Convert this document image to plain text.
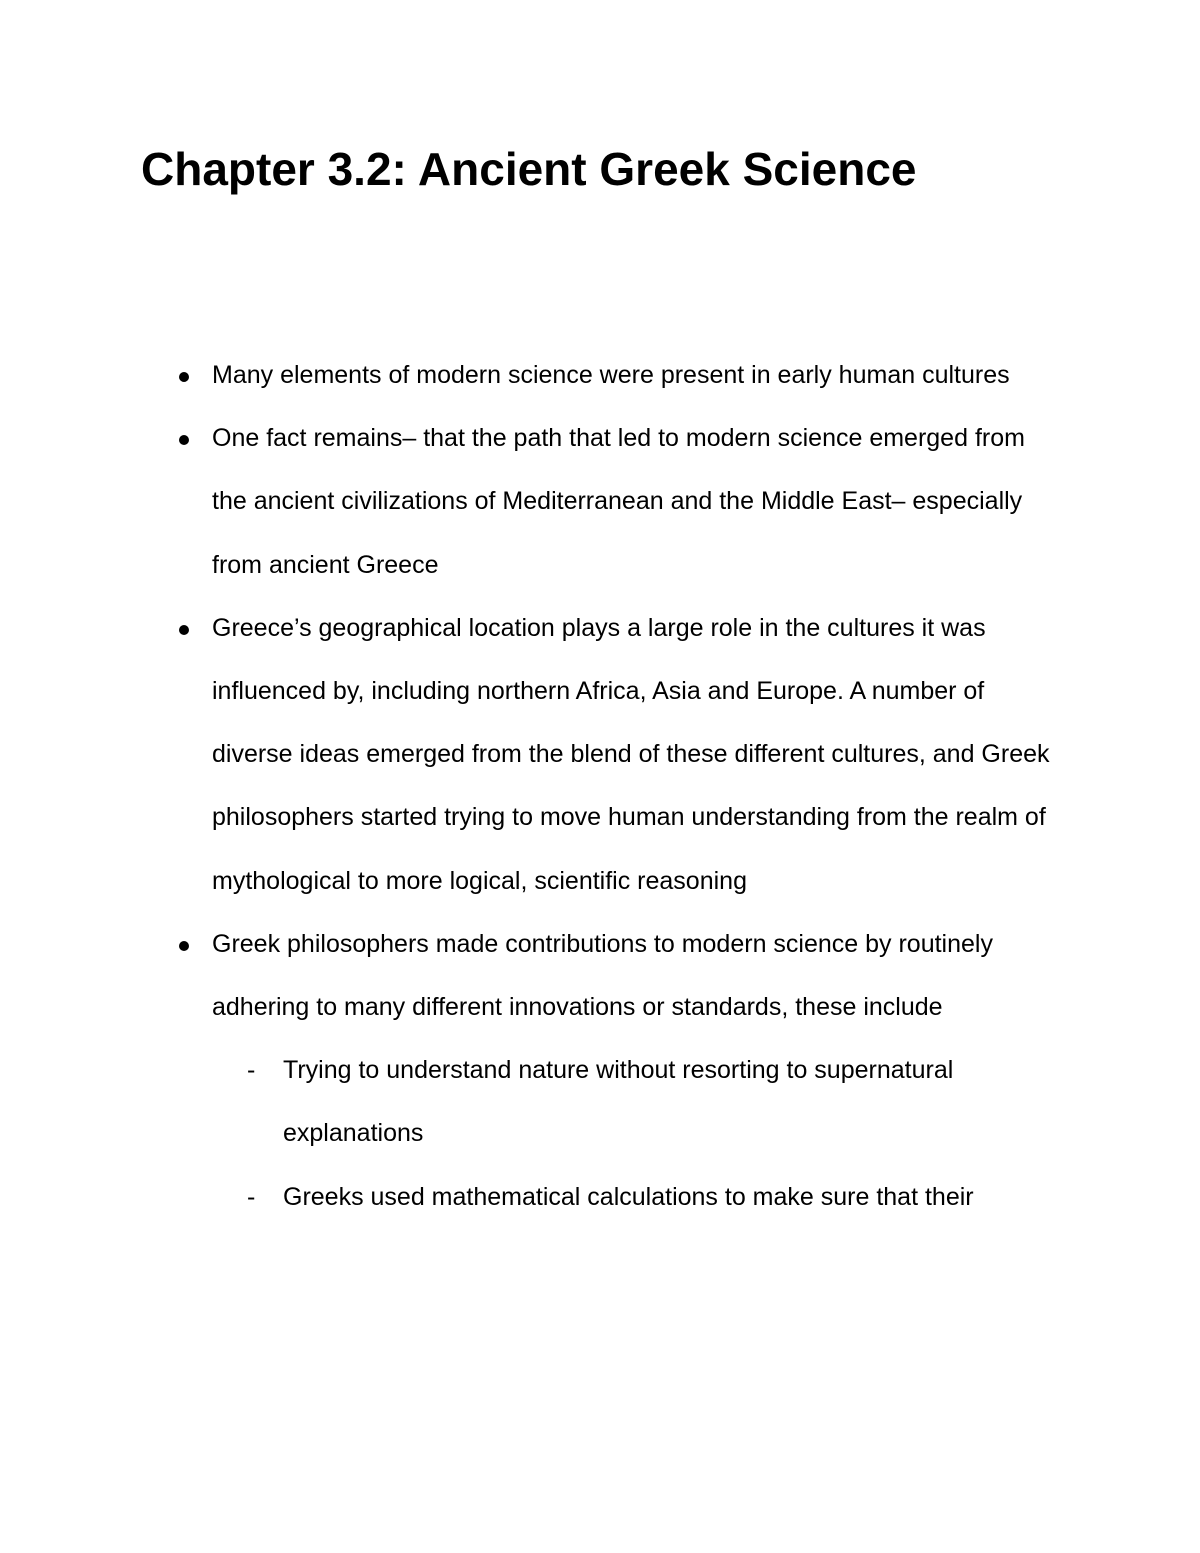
Chapter 3.2: Ancient Greek Science
Many elements of modern science were present in early human cultures
One fact remains– that the path that led to modern science emerged from the ancient civilizations of Mediterranean and the Middle East– especially from ancient Greece
Greece’s geographical location plays a large role in the cultures it was influenced by, including northern Africa, Asia and Europe. A number of diverse ideas emerged from the blend of these different cultures, and Greek philosophers started trying to move human understanding from the realm of mythological to more logical, scientific reasoning
Greek philosophers made contributions to modern science by routinely adhering to many different innovations or standards, these include
- Trying to understand nature without resorting to supernatural explanations
- Greeks used mathematical calculations to make sure that their
